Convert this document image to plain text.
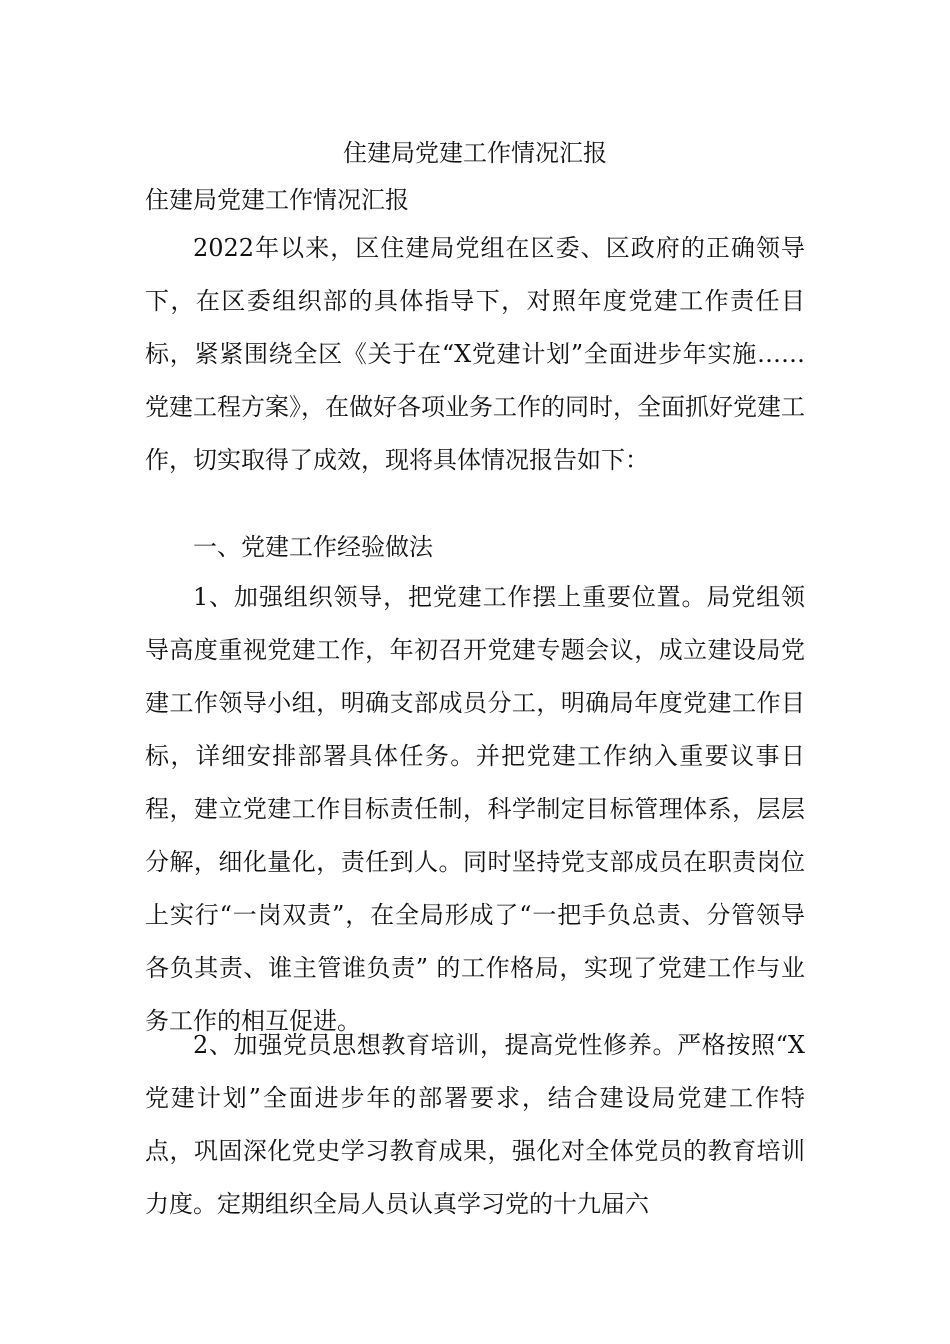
住建局党建工作情况汇报
住建局党建工作情况汇报

2022年以来，区住建局党组在区委、区政府的正确领导下，在区委组织部的具体指导下，对照年度党建工作责任目标，紧紧围绕全区《关于在“X党建计划”全面进步年实施……党建工程方案》，在做好各项业务工作的同时，全面抓好党建工作，切实取得了成效，现将具体情况报告如下：

一、党建工作经验做法

1、加强组织领导，把党建工作摆上重要位置。局党组领导高度重视党建工作，年初召开党建专题会议，成立建设局党建工作领导小组，明确支部成员分工，明确局年度党建工作目标，详细安排部署具体任务。并把党建工作纳入重要议事日程，建立党建工作目标责任制，科学制定目标管理体系，层层分解，细化量化，责任到人。同时坚持党支部成员在职责岗位上实行“一岗双责”，在全局形成了“一把手负总责、分管领导各负其责、谁主管谁负责” 的工作格局，实现了党建工作与业务工作的相互促进。

2、加强党员思想教育培训，提高党性修养。严格按照“X党建计划”全面进步年的部署要求，结合建设局党建工作特点，巩固深化党史学习教育成果，强化对全体党员的教育培训力度。定期组织全局人员认真学习党的十九届六
